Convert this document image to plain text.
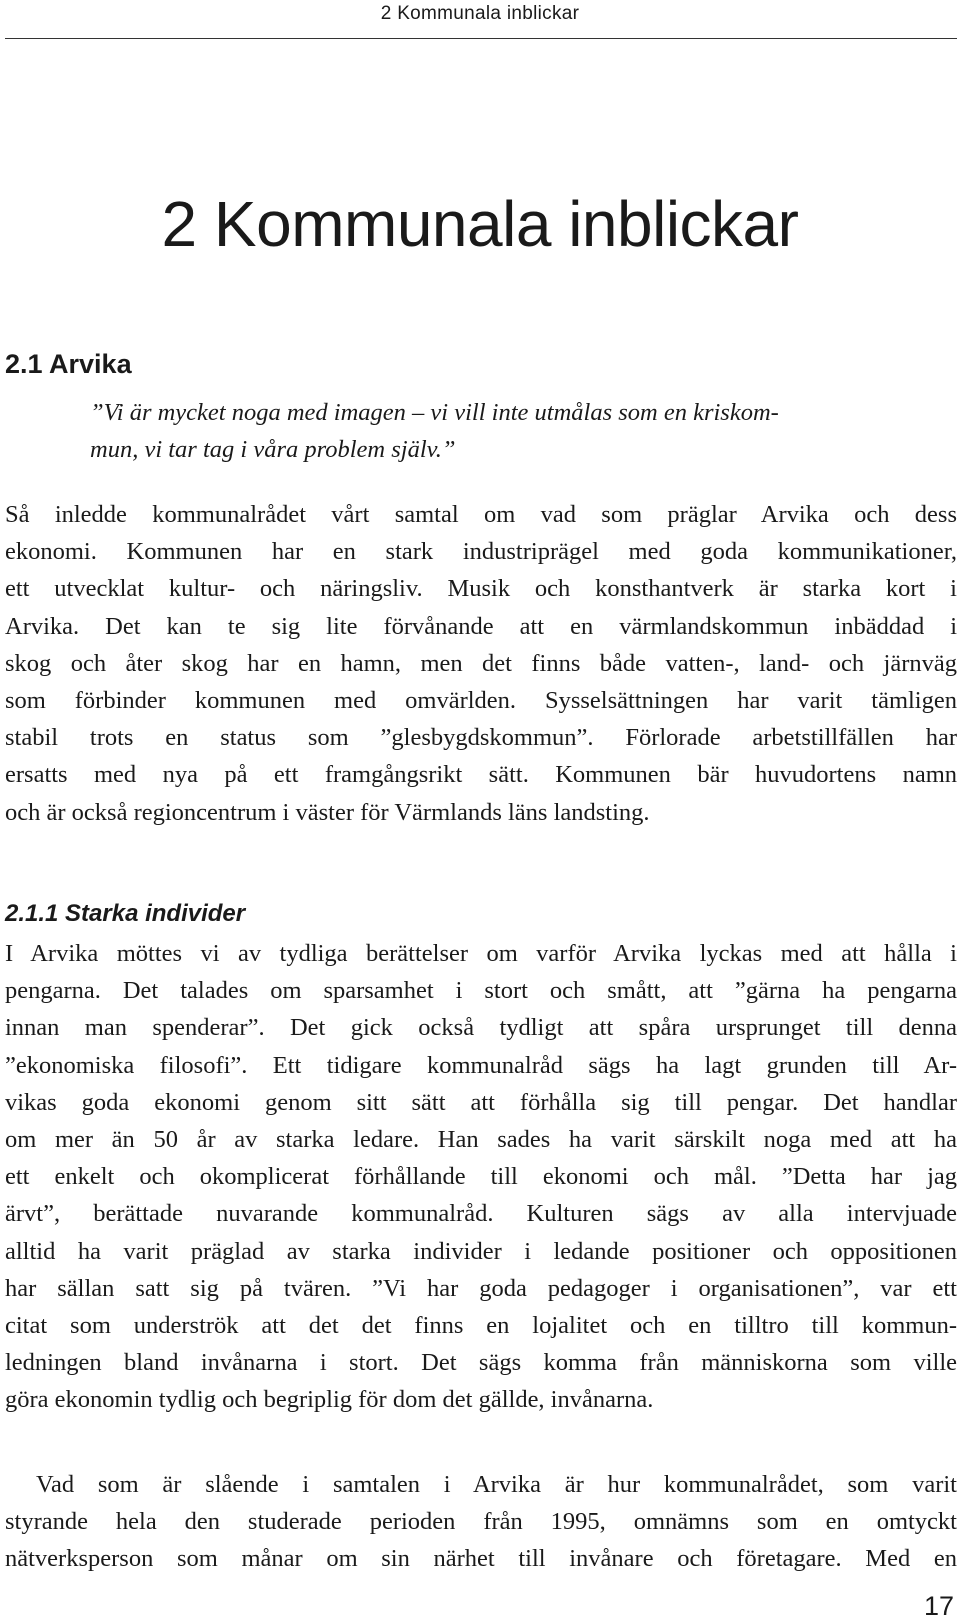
2 Kommunala inblickar
2 Kommunala inblickar
2.1 Arvika

”Vi är mycket noga med imagen – vi vill inte utmålas som en kriskom-
mun, vi tar tag i våra problem själv.”

Så inledde kommunalrådet vårt samtal om vad som präglar Arvika och dess
ekonomi. Kommunen har en stark industriprägel med goda kommunikationer,
ett utvecklat kultur- och näringsliv. Musik och konsthantverk är starka kort i
Arvika. Det kan te sig lite förvånande att en värmlandskommun inbäddad i
skog och åter skog har en hamn, men det finns både vatten-, land- och järnväg
som förbinder kommunen med omvärlden. Sysselsättningen har varit tämligen
stabil trots en status som ”glesbygdskommun”. Förlorade arbetstillfällen har
ersatts med nya på ett framgångsrikt sätt. Kommunen bär huvudortens namn
och är också regioncentrum i väster för Värmlands läns landsting.

2.1.1 Starka individer

I Arvika möttes vi av tydliga berättelser om varför Arvika lyckas med att hålla i
pengarna. Det talades om sparsamhet i stort och smått, att ”gärna ha pengarna
innan man spenderar”. Det gick också tydligt att spåra ursprunget till denna
”ekonomiska filosofi”. Ett tidigare kommunalråd sägs ha lagt grunden till Ar-
vikas goda ekonomi genom sitt sätt att förhålla sig till pengar. Det handlar
om mer än 50 år av starka ledare. Han sades ha varit särskilt noga med att ha
ett enkelt och okomplicerat förhållande till ekonomi och mål. ”Detta har jag
ärvt”, berättade nuvarande kommunalråd. Kulturen sägs av alla intervjuade
alltid ha varit präglad av starka individer i ledande positioner och oppositionen
har sällan satt sig på tvären. ”Vi har goda pedagoger i organisationen”, var ett
citat som underströk att det det finns en lojalitet och en tilltro till kommun-
ledningen bland invånarna i stort. Det sägs komma från människorna som ville
göra ekonomin tydlig och begriplig för dom det gällde, invånarna.

Vad som är slående i samtalen i Arvika är hur kommunalrådet, som varit
styrande hela den studerade perioden från 1995, omnämns som en omtyckt
nätverksperson som månar om sin närhet till invånare och företagare. Med en

17
